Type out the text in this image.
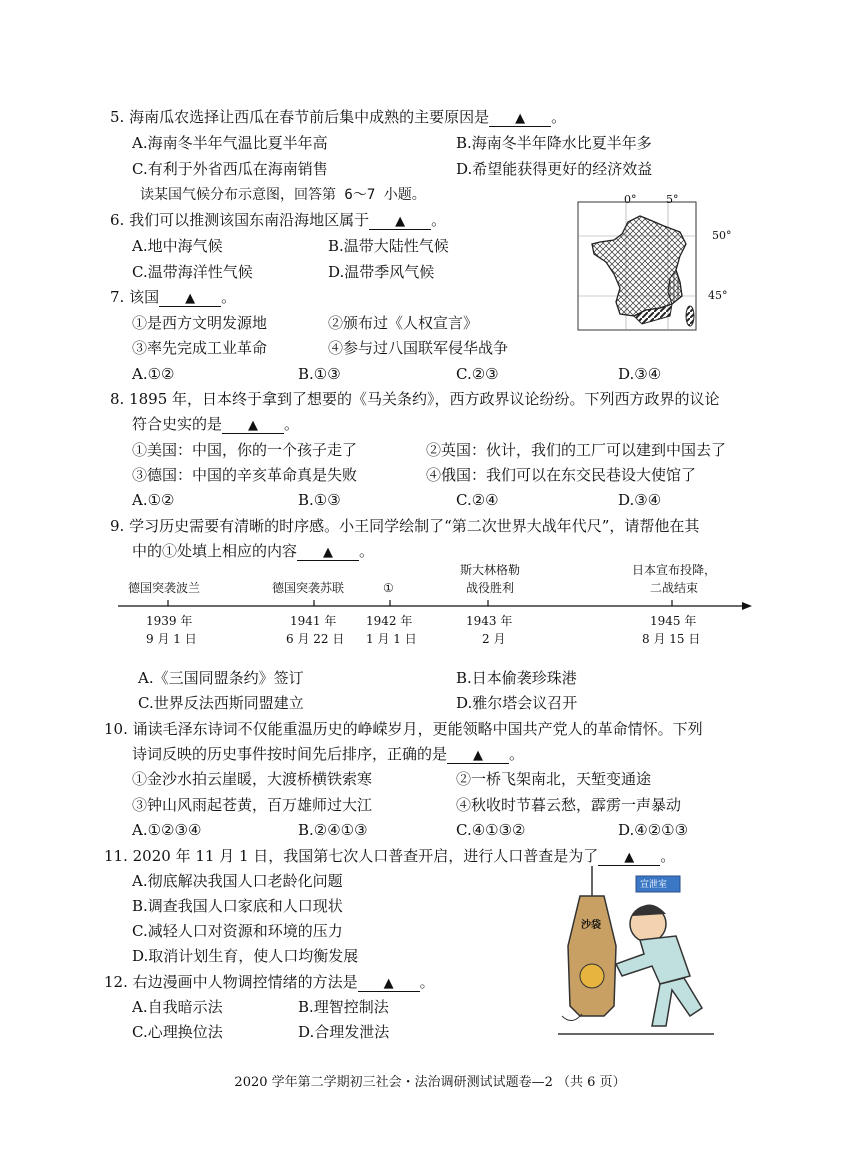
5. 海南瓜农选择让西瓜在春节前后集中成熟的主要原因是 ▲ 。
A.海南冬半年气温比夏半年高	B.海南冬半年降水比夏半年多
C.有利于外省西瓜在海南销售	D.希望能获得更好的经济效益
读某国气候分布示意图，回答第 6～7 小题。
6. 我们可以推测该国东南沿海地区属于 ▲ 。
A.地中海气候	B.温带大陆性气候
C.温带海洋性气候	D.温带季风气候
0°	5°
50°
45°
7. 该国 ▲ 。
①是西方文明发源地	②颁布过《人权宣言》
③率先完成工业革命	④参与过八国联军侵华战争
A.①②	B.①③	C.②③	D.③④
8. 1895 年，日本终于拿到了想要的《马关条约》，西方政界议论纷纷。下列西方政界的议论
符合史实的是 ▲ 。
①美国：中国，你的一个孩子走了	②英国：伙计，我们的工厂可以建到中国去了
③德国：中国的辛亥革命真是失败	④俄国：我们可以在东交民巷设大使馆了
A.①②	B.①③	C.②④	D.③④
9. 学习历史需要有清晰的时序感。小王同学绘制了“第二次世界大战年代尺”，请帮他在其
中的①处填上相应的内容 ▲ 。
德国突袭波兰	德国突袭苏联	①
斯大林格勒
战役胜利
日本宣布投降，
二战结束
1939 年
9 月 1 日
1941 年
6 月 22 日
1942 年
1 月 1 日
1943 年
2 月
1945 年
8 月 15 日
A.《三国同盟条约》签订	B.日本偷袭珍珠港
C.世界反法西斯同盟建立	D.雅尔塔会议召开
10. 诵读毛泽东诗词不仅能重温历史的峥嵘岁月，更能领略中国共产党人的革命情怀。下列
诗词反映的历史事件按时间先后排序，正确的是 ▲ 。
①金沙水拍云崖暖，大渡桥横铁索寒	②一桥飞架南北，天堑变通途
③钟山风雨起苍黄，百万雄师过大江	④秋收时节暮云愁，霹雳一声暴动
A.①②③④	B.②④①③	C.④①③②	D.④②①③
11. 2020 年 11 月 1 日，我国第七次人口普查开启，进行人口普查是为了 ▲ 。
A.彻底解决我国人口老龄化问题
B.调查我国人口家底和人口现状
C.减轻人口对资源和环境的压力
D.取消计划生育，使人口均衡发展
12. 右边漫画中人物调控情绪的方法是 ▲ 。
A.自我暗示法	B.理智控制法
C.心理换位法	D.合理发泄法
宣泄室
沙袋
2020 学年第二学期初三社会・法治调研测试试题卷—2 （共 6 页）
